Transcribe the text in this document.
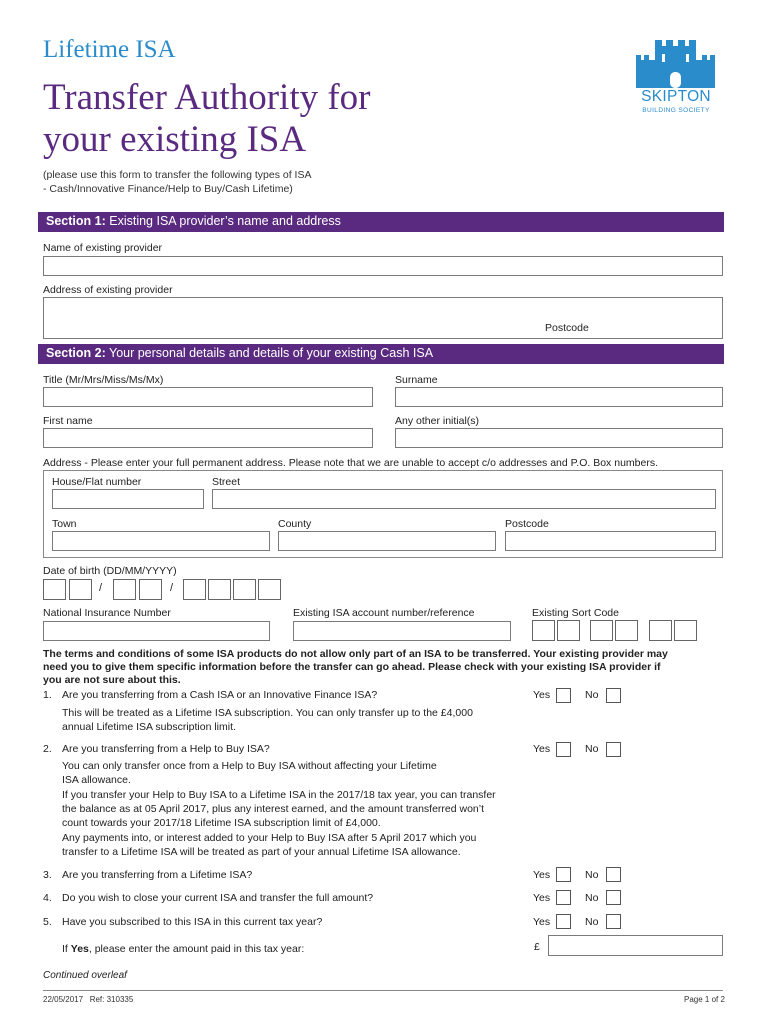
Lifetime ISA
Transfer Authority for
your existing ISA
(please use this form to transfer the following types of ISA
- Cash/Innovative Finance/Help to Buy/Cash Lifetime)
SKIPTON
BUILDING SOCIETY
Section 1: Existing ISA provider’s name and address
Name of existing provider
Address of existing provider
Postcode
Section 2: Your personal details and details of your existing Cash ISA
Title (Mr/Mrs/Miss/Ms/Mx)	Surname
First name	Any other initial(s)
Address - Please enter your full permanent address. Please note that we are unable to accept c/o addresses and P.O. Box numbers.
House/Flat number	Street
Town	County	Postcode
Date of birth (DD/MM/YYYY)
/	/
National Insurance Number	Existing ISA account number/reference	Existing Sort Code
The terms and conditions of some ISA products do not allow only part of an ISA to be transferred. Your existing provider may
need you to give them specific information before the transfer can go ahead. Please check with your existing ISA provider if
you are not sure about this.
1. Are you transferring from a Cash ISA or an Innovative Finance ISA?	Yes	No
This will be treated as a Lifetime ISA subscription. You can only transfer up to the £4,000
annual Lifetime ISA subscription limit.
2. Are you transferring from a Help to Buy ISA?	Yes	No
You can only transfer once from a Help to Buy ISA without affecting your Lifetime
ISA allowance.
If you transfer your Help to Buy ISA to a Lifetime ISA in the 2017/18 tax year, you can transfer
the balance as at 05 April 2017, plus any interest earned, and the amount transferred won’t
count towards your 2017/18 Lifetime ISA subscription limit of £4,000.
Any payments into, or interest added to your Help to Buy ISA after 5 April 2017 which you
transfer to a Lifetime ISA will be treated as part of your annual Lifetime ISA allowance.
3. Are you transferring from a Lifetime ISA?	Yes	No
4. Do you wish to close your current ISA and transfer the full amount?	Yes	No
5. Have you subscribed to this ISA in this current tax year?	Yes	No
If Yes, please enter the amount paid in this tax year:	£
Continued overleaf
22/05/2017   Ref: 310335	Page 1 of 2
